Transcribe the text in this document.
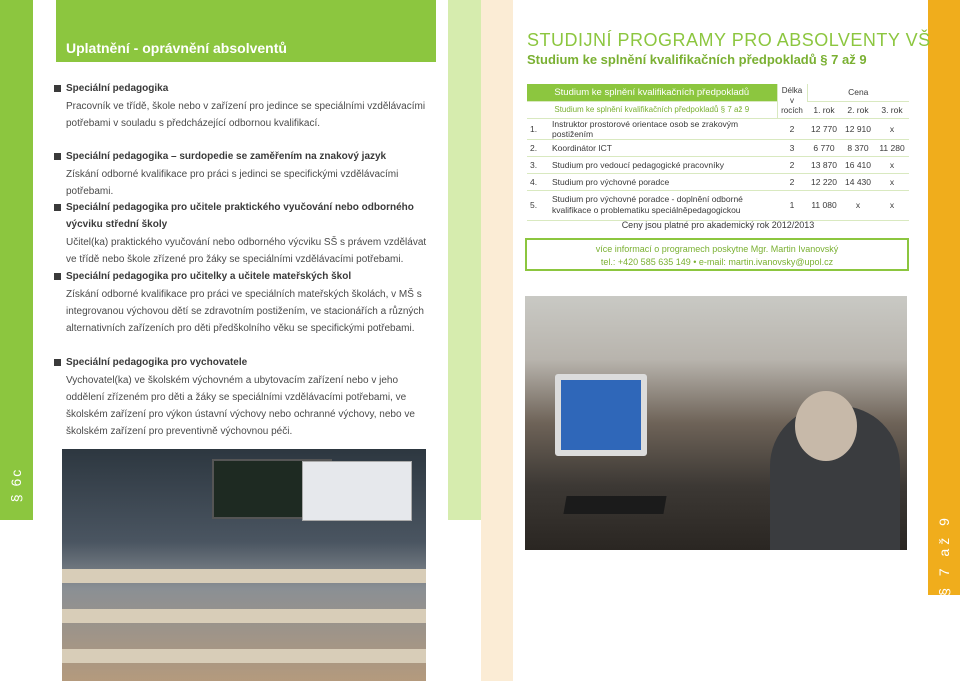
§ 6c
Uplatnění - oprávnění absolventů
Speciální pedagogika
Pracovník ve třídě, škole nebo v zařízení pro jedince se speciálními vzdělávacími potřebami v souladu s předcházející odbornou kvalifikací.
Speciální pedagogika – surdopedie se zaměřením na znakový jazyk
Získání odborné kvalifikace pro práci s jedinci se specifickými vzdělávacími potřebami.
Speciální pedagogika pro učitele praktického vyučování nebo odborného výcviku střední školy
Učitel(ka) praktického vyučování nebo odborného výcviku SŠ s právem vzdělávat ve třídě nebo škole zřízené pro žáky se speciálními vzdělávacími potřebami.
Speciální pedagogika pro učitelky a učitele mateřských škol
Získání odborné kvalifikace pro práci ve speciálních mateřských školách, v MŠ s integrovanou výchovou dětí se zdravotním postižením, ve stacionářích a různých alternativních zařízeních pro děti předškolního věku se specifickými potřebami.
Speciální pedagogika pro vychovatele
Vychovatel(ka) ve školském výchovném a ubytovacím zařízení nebo v jeho oddělení zřízeném pro děti a žáky se speciálními vzdělávacími potřebami, ve školském zařízení pro výkon ústavní výchovy nebo ochranné výchovy, nebo ve školském zařízení pro preventivně výchovnou péči.
§ 7 až 9
STUDIJNÍ PROGRAMY PRO ABSOLVENTY VŠ
Studium ke splnění kvalifikačních předpokladů § 7 až 9
Studium ke splnění kvalifikačních předpokladů		Délka v rocích	Cena		
Studium ke splnění kvalifikačních předpokladů § 7 až 9			1. rok	2. rok	3. rok
1.	Instruktor prostorové orientace osob se zrakovým postižením	2	12 770	12 910	x
2.	Koordinátor ICT	3	6 770	8 370	11 280
3.	Studium pro vedoucí pedagogické pracovníky	2	13 870	16 410	x
4.	Studium pro výchovné poradce	2	12 220	14 430	x
5.	Studium pro výchovné poradce - doplnění odborné kvalifikace o problematiku speciálněpedagogickou	1	11 080	x	x
Ceny jsou platné pro akademický rok 2012/2013
více informací o programech poskytne Mgr. Martin Ivanovský
tel.: +420 585 635 149 • e-mail: martin.ivanovsky@upol.cz
